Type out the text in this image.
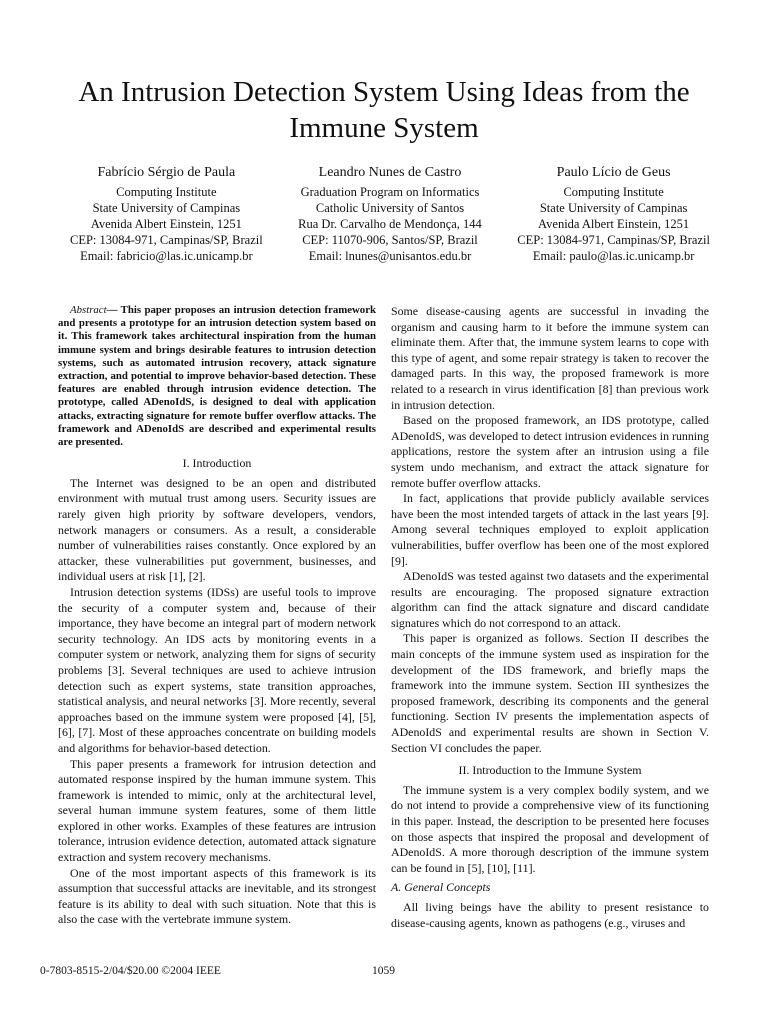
An Intrusion Detection System Using Ideas from the Immune System
Fabrício Sérgio de Paula
Computing Institute
State University of Campinas
Avenida Albert Einstein, 1251
CEP: 13084-971, Campinas/SP, Brazil
Email: fabricio@las.ic.unicamp.br
Leandro Nunes de Castro
Graduation Program on Informatics
Catholic University of Santos
Rua Dr. Carvalho de Mendonça, 144
CEP: 11070-906, Santos/SP, Brazil
Email: lnunes@unisantos.edu.br
Paulo Lício de Geus
Computing Institute
State University of Campinas
Avenida Albert Einstein, 1251
CEP: 13084-971, Campinas/SP, Brazil
Email: paulo@las.ic.unicamp.br

Abstract— This paper proposes an intrusion detection framework and presents a prototype for an intrusion detection system based on it. This framework takes architectural inspiration from the human immune system and brings desirable features to intrusion detection systems, such as automated intrusion recovery, attack signature extraction, and potential to improve behavior-based detection. These features are enabled through intrusion evidence detection. The prototype, called ADenoIdS, is designed to deal with application attacks, extracting signature for remote buffer overflow attacks. The framework and ADenoIdS are described and experimental results are presented.

I. Introduction

The Internet was designed to be an open and distributed environment with mutual trust among users. Security issues are rarely given high priority by software developers, vendors, network managers or consumers. As a result, a considerable number of vulnerabilities raises constantly. Once explored by an attacker, these vulnerabilities put government, businesses, and individual users at risk [1], [2].

Intrusion detection systems (IDSs) are useful tools to improve the security of a computer system and, because of their importance, they have become an integral part of modern network security technology. An IDS acts by monitoring events in a computer system or network, analyzing them for signs of security problems [3]. Several techniques are used to achieve intrusion detection such as expert systems, state transition approaches, statistical analysis, and neural networks [3]. More recently, several approaches based on the immune system were proposed [4], [5], [6], [7]. Most of these approaches concentrate on building models and algorithms for behavior-based detection.

This paper presents a framework for intrusion detection and automated response inspired by the human immune system. This framework is intended to mimic, only at the architectural level, several human immune system features, some of them little explored in other works. Examples of these features are intrusion tolerance, intrusion evidence detection, automated attack signature extraction and system recovery mechanisms.

One of the most important aspects of this framework is its assumption that successful attacks are inevitable, and its strongest feature is its ability to deal with such situation. Note that this is also the case with the vertebrate immune system.

Some disease-causing agents are successful in invading the organism and causing harm to it before the immune system can eliminate them. After that, the immune system learns to cope with this type of agent, and some repair strategy is taken to recover the damaged parts. In this way, the proposed framework is more related to a research in virus identification [8] than previous work in intrusion detection.

Based on the proposed framework, an IDS prototype, called ADenoIdS, was developed to detect intrusion evidences in running applications, restore the system after an intrusion using a file system undo mechanism, and extract the attack signature for remote buffer overflow attacks.

In fact, applications that provide publicly available services have been the most intended targets of attack in the last years [9]. Among several techniques employed to exploit application vulnerabilities, buffer overflow has been one of the most explored [9].

ADenoIdS was tested against two datasets and the experimental results are encouraging. The proposed signature extraction algorithm can find the attack signature and discard candidate signatures which do not correspond to an attack.

This paper is organized as follows. Section II describes the main concepts of the immune system used as inspiration for the development of the IDS framework, and briefly maps the framework into the immune system. Section III synthesizes the proposed framework, describing its components and the general functioning. Section IV presents the implementation aspects of ADenoIdS and experimental results are shown in Section V. Section VI concludes the paper.

II. Introduction to the Immune System

The immune system is a very complex bodily system, and we do not intend to provide a comprehensive view of its functioning in this paper. Instead, the description to be presented here focuses on those aspects that inspired the proposal and development of ADenoIdS. A more thorough description of the immune system can be found in [5], [10], [11].

A. General Concepts

All living beings have the ability to present resistance to disease-causing agents, known as pathogens (e.g., viruses and

0-7803-8515-2/04/$20.00 ©2004 IEEE	1059
